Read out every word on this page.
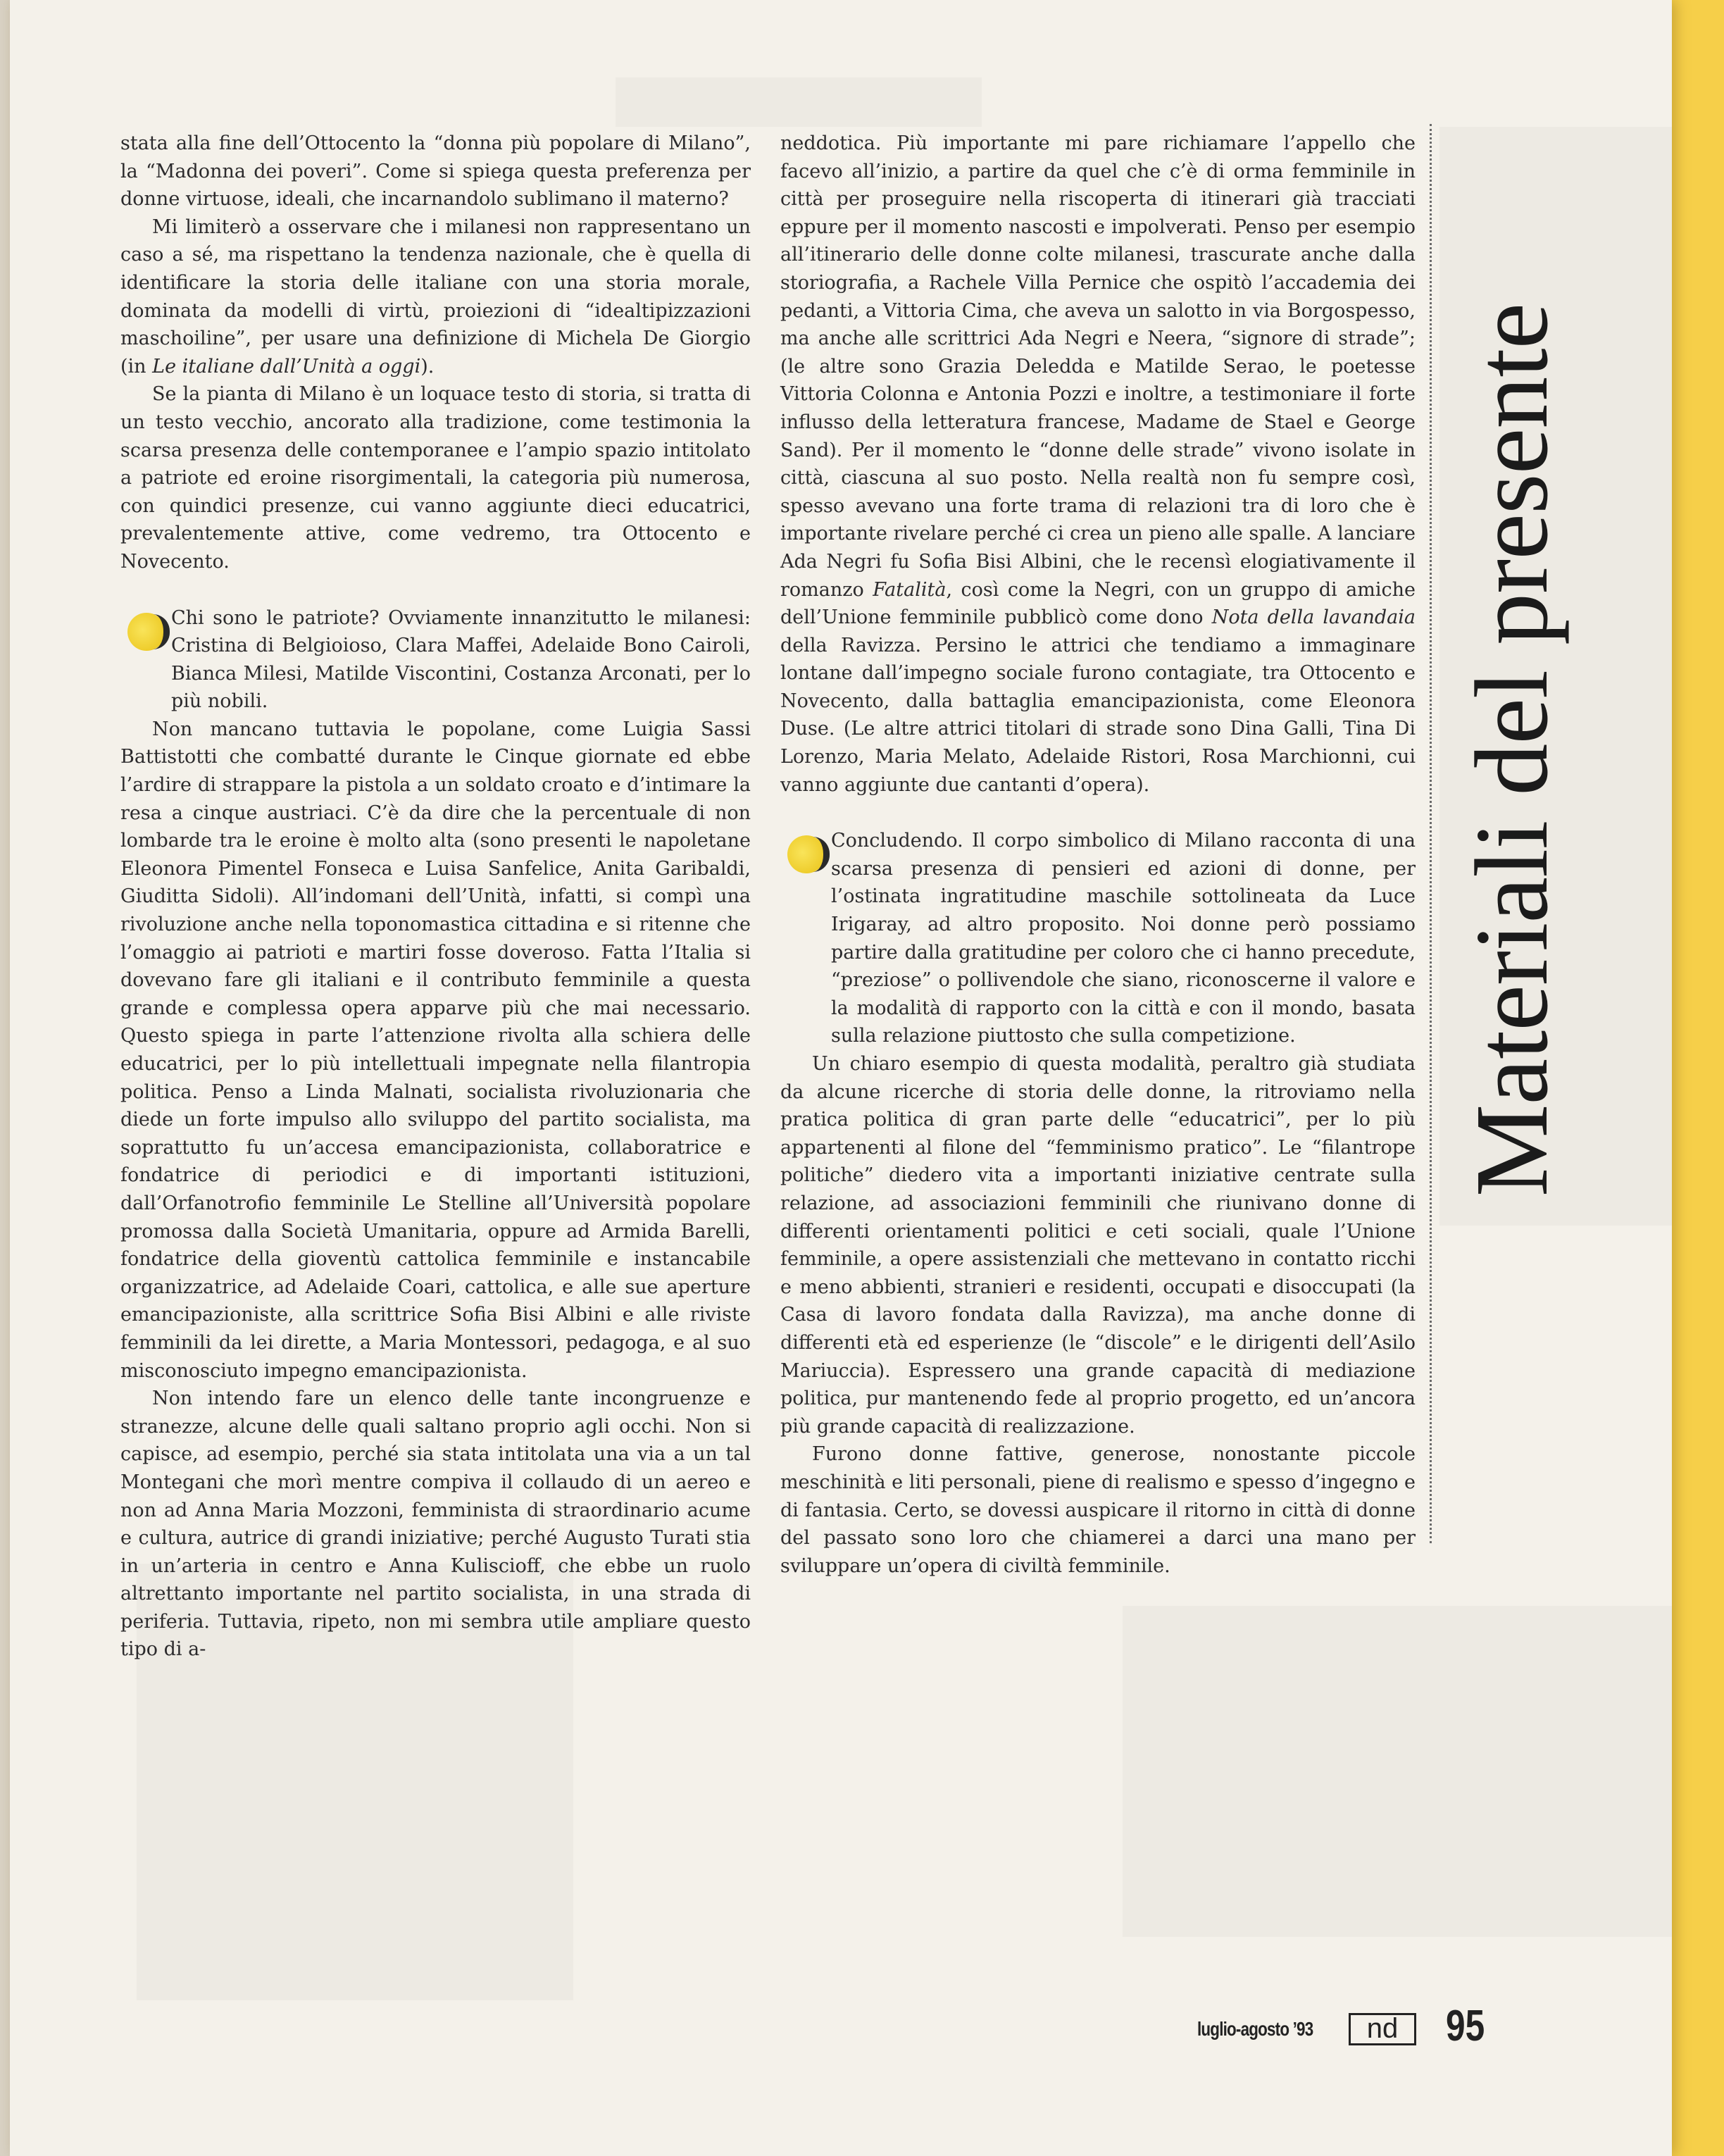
stata alla fine dell’Ottocento la “donna più popolare di Milano”, la “Madonna dei poveri”. Come si spiega questa preferenza per donne virtuose, ideali, che incarnandolo sublimano il materno?

Mi limiterò a osservare che i milanesi non rappresentano un caso a sé, ma rispettano la tendenza nazionale, che è quella di identificare la storia delle italiane con una storia morale, dominata da modelli di virtù, proiezioni di “idealtipizzazioni maschoiline”, per usare una definizione di Michela De Giorgio (in Le italiane dall’Unità a oggi).

Se la pianta di Milano è un loquace testo di storia, si tratta di un testo vecchio, ancorato alla tradizione, come testimonia la scarsa presenza delle contemporanee e l’ampio spazio intitolato a patriote ed eroine risorgimentali, la categoria più numerosa, con quindici presenze, cui vanno aggiunte dieci educatrici, prevalentemente attive, come vedremo, tra Ottocento e Novecento.

Chi sono le patriote? Ovviamente innanzitutto le milanesi: Cristina di Belgioioso, Clara Maffei, Adelaide Bono Cairoli, Bianca Milesi, Matilde Viscontini, Costanza Arconati, per lo più nobili.

Non mancano tuttavia le popolane, come Luigia Sassi Battistotti che combatté durante le Cinque giornate ed ebbe l’ardire di strappare la pistola a un soldato croato e d’intimare la resa a cinque austriaci. C’è da dire che la percentuale di non lombarde tra le eroine è molto alta (sono presenti le napoletane Eleonora Pimentel Fonseca e Luisa Sanfelice, Anita Garibaldi, Giuditta Sidoli). All’indomani dell’Unità, infatti, si compì una rivoluzione anche nella toponomastica cittadina e si ritenne che l’omaggio ai patrioti e martiri fosse doveroso. Fatta l’Italia si dovevano fare gli italiani e il contributo femminile a questa grande e complessa opera apparve più che mai necessario. Questo spiega in parte l’attenzione rivolta alla schiera delle educatrici, per lo più intellettuali impegnate nella filantropia politica. Penso a Linda Malnati, socialista rivoluzionaria che diede un forte impulso allo sviluppo del partito socialista, ma soprattutto fu un’accesa emancipazionista, collaboratrice e fondatrice di periodici e di importanti istituzioni, dall’Orfanotrofio femminile Le Stelline all’Università popolare promossa dalla Società Umanitaria, oppure ad Armida Barelli, fondatrice della gioventù cattolica femminile e instancabile organizzatrice, ad Adelaide Coari, cattolica, e alle sue aperture emancipazioniste, alla scrittrice Sofia Bisi Albini e alle riviste femminili da lei dirette, a Maria Montessori, pedagoga, e al suo misconosciuto impegno emancipazionista.

Non intendo fare un elenco delle tante incongruenze e stranezze, alcune delle quali saltano proprio agli occhi. Non si capisce, ad esempio, perché sia stata intitolata una via a un tal Montegani che morì mentre compiva il collaudo di un aereo e non ad Anna Maria Mozzoni, femminista di straordinario acume e cultura, autrice di grandi iniziative; perché Augusto Turati stia in un’arteria in centro e Anna Kuliscioff, che ebbe un ruolo altrettanto importante nel partito socialista, in una strada di periferia. Tuttavia, ripeto, non mi sembra utile ampliare questo tipo di a-

neddotica. Più importante mi pare richiamare l’appello che facevo all’inizio, a partire da quel che c’è di orma femminile in città per proseguire nella riscoperta di itinerari già tracciati eppure per il momento nascosti e impolverati. Penso per esempio all’itinerario delle donne colte milanesi, trascurate anche dalla storiografia, a Rachele Villa Pernice che ospitò l’accademia dei pedanti, a Vittoria Cima, che aveva un salotto in via Borgospesso, ma anche alle scrittrici Ada Negri e Neera, “signore di strade”; (le altre sono Grazia Deledda e Matilde Serao, le poetesse Vittoria Colonna e Antonia Pozzi e inoltre, a testimoniare il forte influsso della letteratura francese, Madame de Stael e George Sand). Per il momento le “donne delle strade” vivono isolate in città, ciascuna al suo posto. Nella realtà non fu sempre così, spesso avevano una forte trama di relazioni tra di loro che è importante rivelare perché ci crea un pieno alle spalle. A lanciare Ada Negri fu Sofia Bisi Albini, che le recensì elogiativamente il romanzo Fatalità, così come la Negri, con un gruppo di amiche dell’Unione femminile pubblicò come dono Nota della lavandaia della Ravizza. Persino le attrici che tendiamo a immaginare lontane dall’impegno sociale furono contagiate, tra Ottocento e Novecento, dalla battaglia emancipazionista, come Eleonora Duse. (Le altre attrici titolari di strade sono Dina Galli, Tina Di Lorenzo, Maria Melato, Adelaide Ristori, Rosa Marchionni, cui vanno aggiunte due cantanti d’opera).

Concludendo. Il corpo simbolico di Milano racconta di una scarsa presenza di pensieri ed azioni di donne, per l’ostinata ingratitudine maschile sottolineata da Luce Irigaray, ad altro proposito. Noi donne però possiamo partire dalla gratitudine per coloro che ci hanno precedute, “preziose” o pollivendole che siano, riconoscerne il valore e la modalità di rapporto con la città e con il mondo, basata sulla relazione piuttosto che sulla competizione.

Un chiaro esempio di questa modalità, peraltro già studiata da alcune ricerche di storia delle donne, la ritroviamo nella pratica politica di gran parte delle “educatrici”, per lo più appartenenti al filone del “femminismo pratico”. Le “filantrope politiche” diedero vita a importanti iniziative centrate sulla relazione, ad associazioni femminili che riunivano donne di differenti orientamenti politici e ceti sociali, quale l’Unione femminile, a opere assistenziali che mettevano in contatto ricchi e meno abbienti, stranieri e residenti, occupati e disoccupati (la Casa di lavoro fondata dalla Ravizza), ma anche donne di differenti età ed esperienze (le “discole” e le dirigenti dell’Asilo Mariuccia). Espressero una grande capacità di mediazione politica, pur mantenendo fede al proprio progetto, ed un’ancora più grande capacità di realizzazione.

Furono donne fattive, generose, nonostante piccole meschinità e liti personali, piene di realismo e spesso d’ingegno e di fantasia. Certo, se dovessi auspicare il ritorno in città di donne del passato sono loro che chiamerei a darci una mano per sviluppare un’opera di civiltà femminile.

Materiali del presente
luglio-agosto ’93	nd	95
